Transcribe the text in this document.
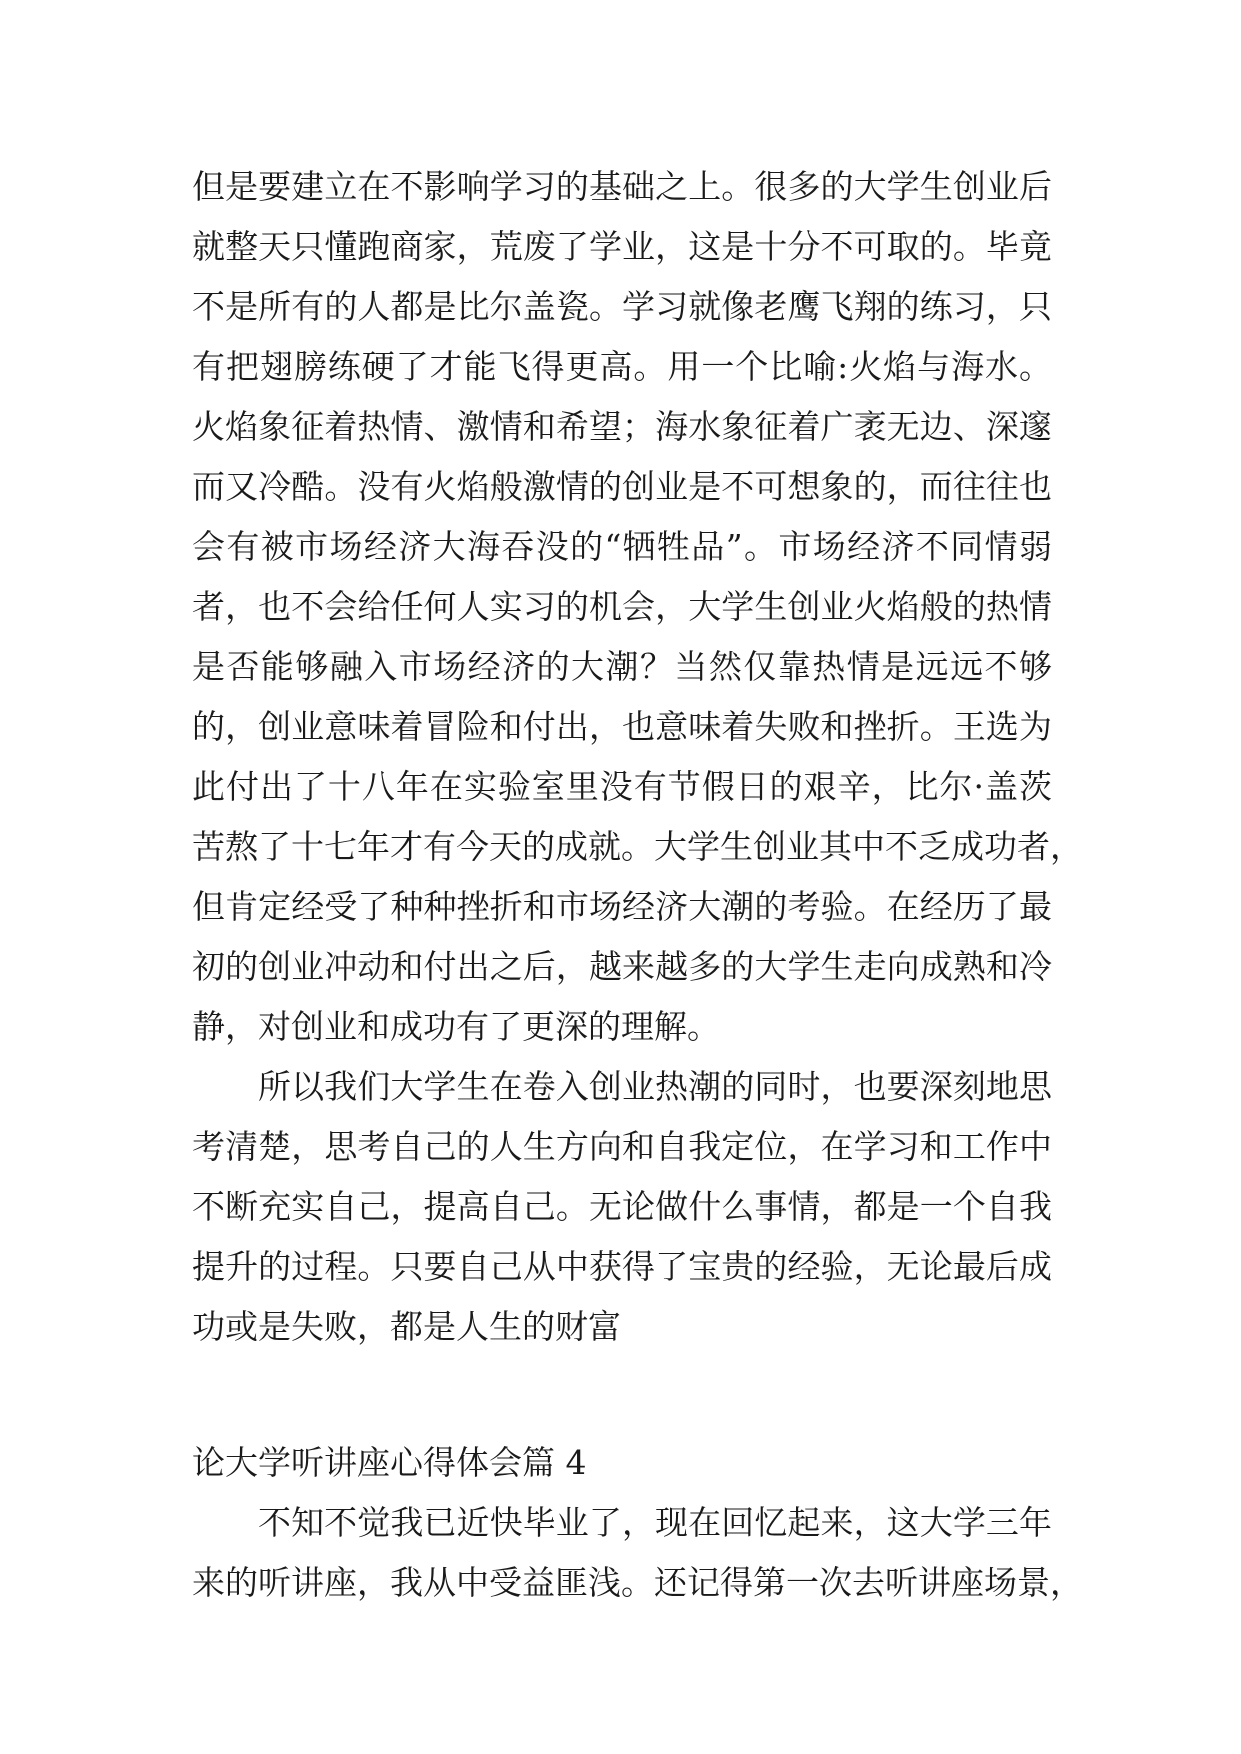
但是要建立在不影响学习的基础之上。很多的大学生创业后
就整天只懂跑商家，荒废了学业，这是十分不可取的。毕竟
不是所有的人都是比尔盖瓷。学习就像老鹰飞翔的练习，只
有把翅膀练硬了才能飞得更高。用一个比喻:火焰与海水。
火焰象征着热情、激情和希望；海水象征着广袤无边、深邃
而又冷酷。没有火焰般激情的创业是不可想象的，而往往也
会有被市场经济大海吞没的“牺牲品”。市场经济不同情弱
者，也不会给任何人实习的机会，大学生创业火焰般的热情
是否能够融入市场经济的大潮？当然仅靠热情是远远不够
的，创业意味着冒险和付出，也意味着失败和挫折。王选为
此付出了十八年在实验室里没有节假日的艰辛，比尔·盖茨
苦熬了十七年才有今天的成就。大学生创业其中不乏成功者，
但肯定经受了种种挫折和市场经济大潮的考验。在经历了最
初的创业冲动和付出之后，越来越多的大学生走向成熟和冷
静，对创业和成功有了更深的理解。
所以我们大学生在卷入创业热潮的同时，也要深刻地思
考清楚，思考自己的人生方向和自我定位，在学习和工作中
不断充实自己，提高自己。无论做什么事情，都是一个自我
提升的过程。只要自己从中获得了宝贵的经验，无论最后成
功或是失败，都是人生的财富
论大学听讲座心得体会篇 4
不知不觉我已近快毕业了，现在回忆起来，这大学三年
来的听讲座，我从中受益匪浅。还记得第一次去听讲座场景，
